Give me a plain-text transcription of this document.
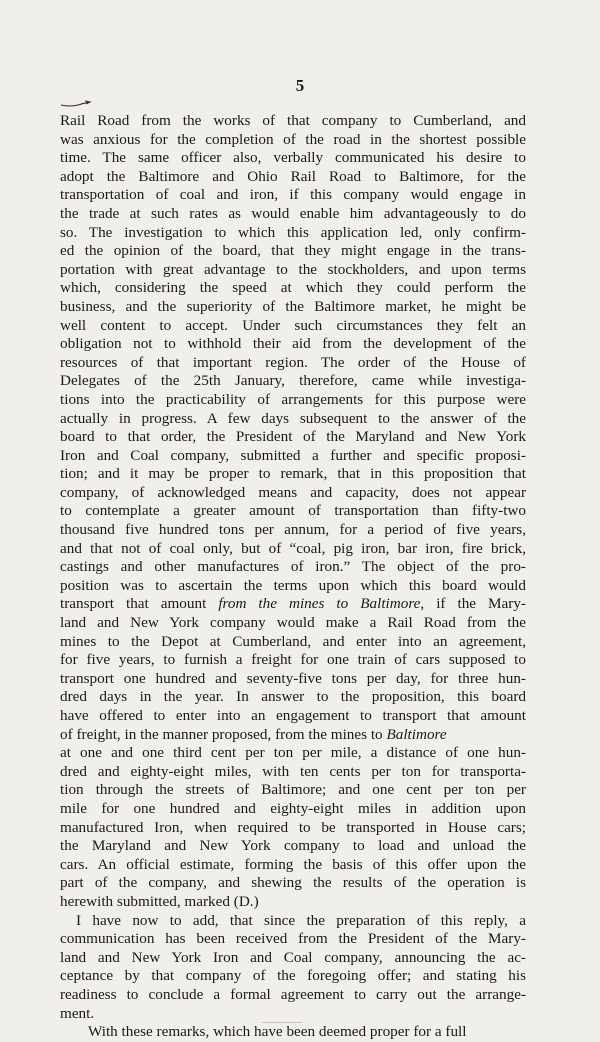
5
Rail Road from the works of that company to Cumberland, and
was anxious for the completion of the road in the shortest possible
time. The same officer also, verbally communicated his desire to
adopt the Baltimore and Ohio Rail Road to Baltimore, for the
transportation of coal and iron, if this company would engage in
the trade at such rates as would enable him advantageously to do
so. The investigation to which this application led, only confirm-
ed the opinion of the board, that they might engage in the trans-
portation with great advantage to the stockholders, and upon terms
which, considering the speed at which they could perform the
business, and the superiority of the Baltimore market, he might be
well content to accept. Under such circumstances they felt an
obligation not to withhold their aid from the development of the
resources of that important region. The order of the House of
Delegates of the 25th January, therefore, came while investiga-
tions into the practicability of arrangements for this purpose were
actually in progress. A few days subsequent to the answer of the
board to that order, the President of the Maryland and New York
Iron and Coal company, submitted a further and specific proposi-
tion; and it may be proper to remark, that in this proposition that
company, of acknowledged means and capacity, does not appear
to contemplate a greater amount of transportation than fifty-two
thousand five hundred tons per annum, for a period of five years,
and that not of coal only, but of “coal, pig iron, bar iron, fire brick,
castings and other manufactures of iron.” The object of the pro-
position was to ascertain the terms upon which this board would
transport that amount from the mines to Baltimore, if the Mary-
land and New York company would make a Rail Road from the
mines to the Depot at Cumberland, and enter into an agreement,
for five years, to furnish a freight for one train of cars supposed to
transport one hundred and seventy-five tons per day, for three hun-
dred days in the year. In answer to the proposition, this board
have offered to enter into an engagement to transport that amount
of freight, in the manner proposed, from the mines to Baltimore
at one and one third cent per ton per mile, a distance of one hun-
dred and eighty-eight miles, with ten cents per ton for transporta-
tion through the streets of Baltimore; and one cent per ton per
mile for one hundred and eighty-eight miles in addition upon
manufactured Iron, when required to be transported in House cars;
the Maryland and New York company to load and unload the
cars. An official estimate, forming the basis of this offer upon the
part of the company, and shewing the results of the operation is
herewith submitted, marked (D.)
I have now to add, that since the preparation of this reply, a
communication has been received from the President of the Mary-
land and New York Iron and Coal company, announcing the ac-
ceptance by that company of the foregoing offer; and stating his
readiness to conclude a formal agreement to carry out the arrange-
ment.
With these remarks, which have been deemed proper for a full
